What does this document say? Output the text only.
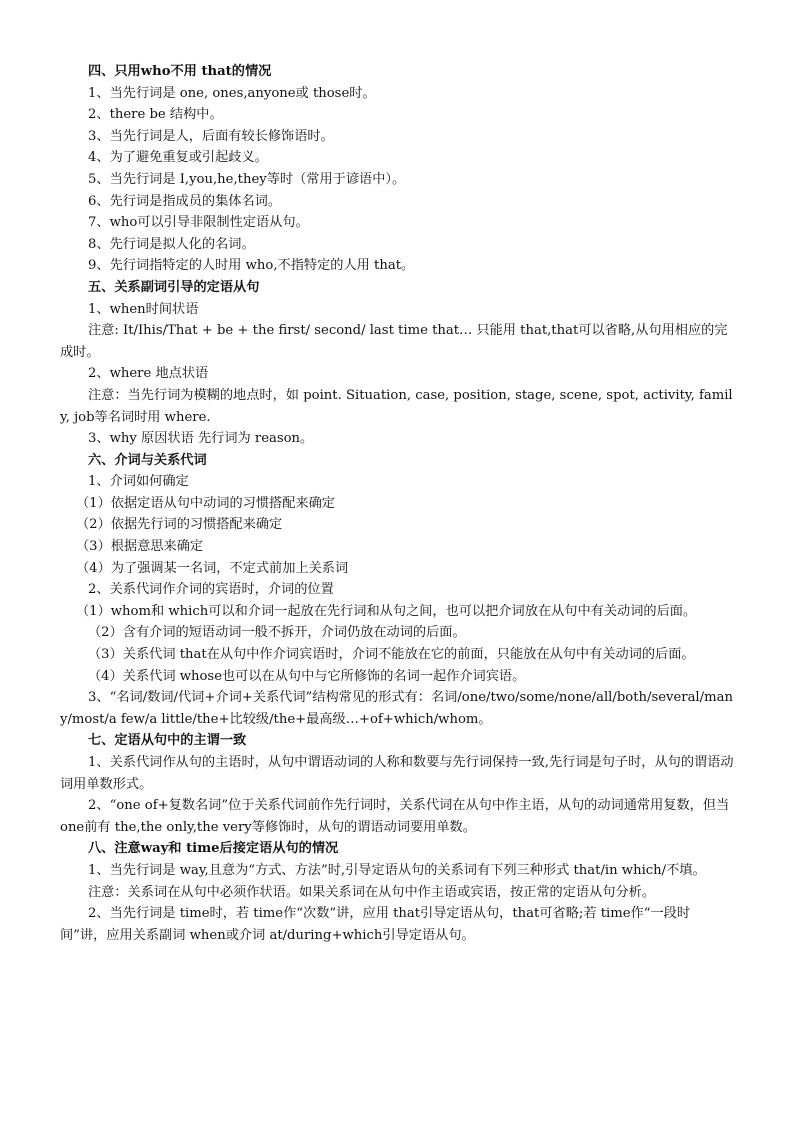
四、只用who不用 that的情况

1、当先行词是 one, ones,anyone或 those时。

2、there be 结构中。

3、当先行词是人，后面有较长修饰语时。

4、为了避免重复或引起歧义。

5、当先行词是 I,you,he,they等时（常用于谚语中）。

6、先行词是指成员的集体名词。

7、who可以引导非限制性定语从句。

8、先行词是拟人化的名词。

9、先行词指特定的人时用 who,不指特定的人用 that。

五、关系副词引导的定语从句

1、when时间状语

注意: It/Ihis/That + be + the first/ second/ last time that… 只能用 that,that可以省略,从句用相应的完成时。

2、where 地点状语

注意：当先行词为模糊的地点时，如 point. Situation, case, position, stage, scene, spot, activity, family, job等名词时用 where.

3、why 原因状语 先行词为 reason。

六、介词与关系代词

1、介词如何确定

（1）依据定语从句中动词的习惯搭配来确定

（2）依据先行词的习惯搭配来确定

（3）根据意思来确定

（4）为了强调某一名词，不定式前加上关系词

2、关系代词作介词的宾语时，介词的位置

（1）whom和 which可以和介词一起放在先行词和从句之间，也可以把介词放在从句中有关动词的后面。

（2）含有介词的短语动词一般不拆开，介词仍放在动词的后面。

（3）关系代词 that在从句中作介词宾语时，介词不能放在它的前面，只能放在从句中有关动词的后面。

（4）关系代词 whose也可以在从句中与它所修饰的名词一起作介词宾语。

3、“名词/数词/代词+介词+关系代词”结构常见的形式有：名词/one/two/some/none/all/both/several/many/most/a few/a little/the+比较级/the+最高级…+of+which/whom。

七、定语从句中的主谓一致

1、关系代词作从句的主语时，从句中谓语动词的人称和数要与先行词保持一致,先行词是句子时，从句的谓语动词用单数形式。

2、“one of+复数名词”位于关系代词前作先行词时，关系代词在从句中作主语，从句的动词通常用复数，但当 one前有 the,the only,the very等修饰时，从句的谓语动词要用单数。

八、注意way和 time后接定语从句的情况

1、当先行词是 way,且意为“方式、方法”时,引导定语从句的关系词有下列三种形式 that/in which/不填。

注意：关系词在从句中必须作状语。如果关系词在从句中作主语或宾语，按正常的定语从句分析。

2、当先行词是 time时，若 time作“次数”讲，应用 that引导定语从句，that可省略;若 time作“一段时间”讲，应用关系副词 when或介词 at/during+which引导定语从句。
